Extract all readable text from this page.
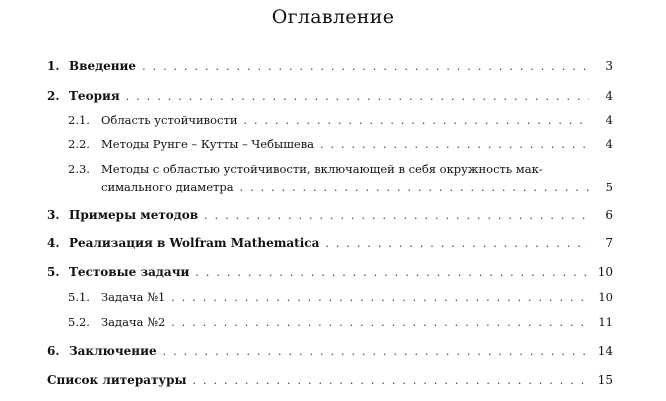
Оглавление
1. Введение . . .	3
2. Теория . . .	4
2.1. Область устойчивости . . .	4
2.2. Методы Рунге – Кутты – Чебышева . . .	4
2.3. Методы с областью устойчивости, включающей в себя окружность мак-
симального диаметра . . .	5
3. Примеры методов . . .	6
4. Реализация в Wolfram Mathematica . . .	7
5. Тестовые задачи . . .	10
5.1. Задача №1 . . .	10
5.2. Задача №2 . . .	11
6. Заключение . . .	14
Список литературы . . .	15
